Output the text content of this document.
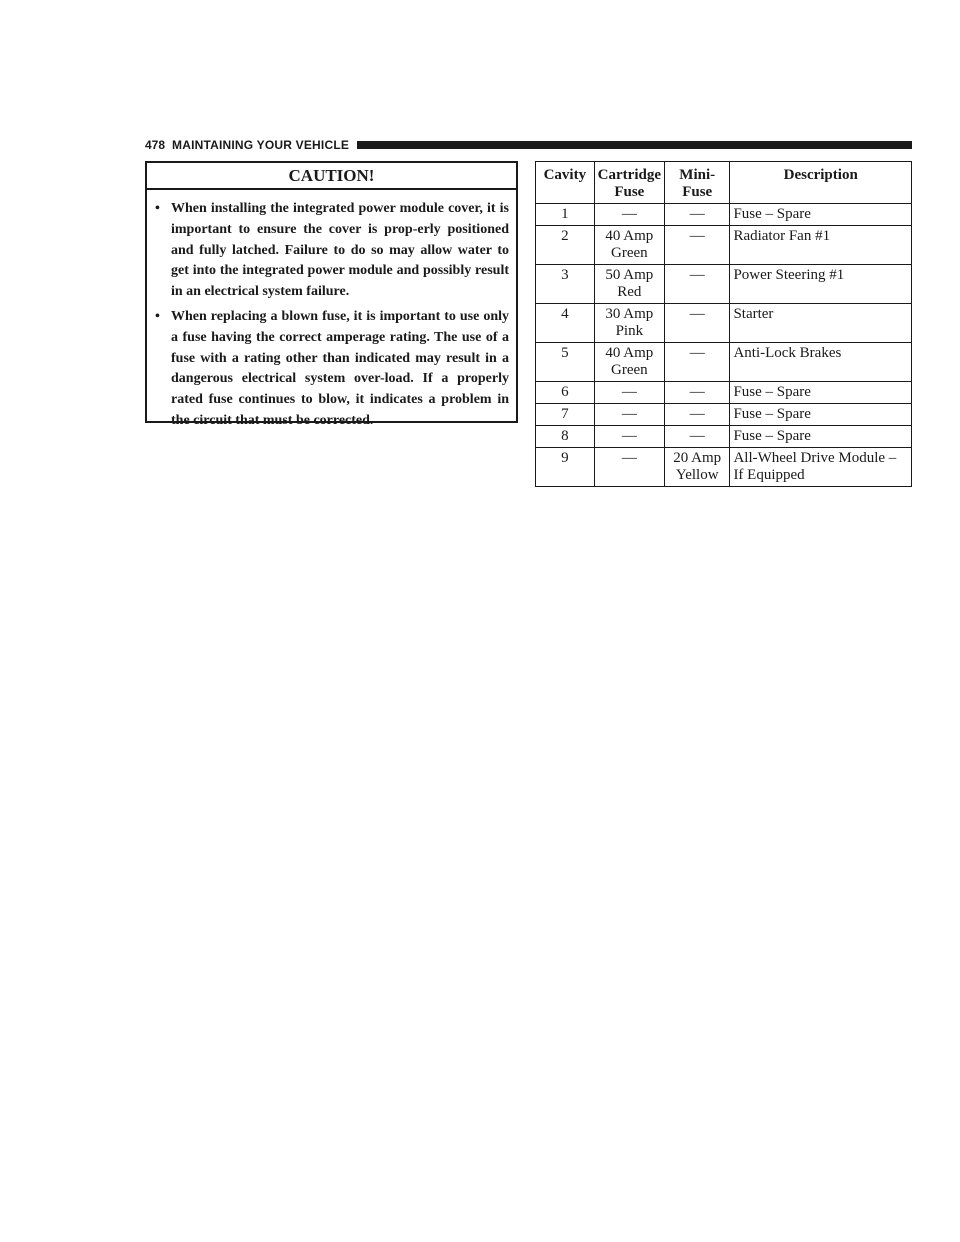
478 MAINTAINING YOUR VEHICLE
CAUTION!
• When installing the integrated power module cover, it is important to ensure the cover is prop-erly positioned and fully latched. Failure to do so may allow water to get into the integrated power module and possibly result in an electrical system failure.
• When replacing a blown fuse, it is important to use only a fuse having the correct amperage rating. The use of a fuse with a rating other than indicated may result in a dangerous electrical system over-load. If a properly rated fuse continues to blow, it indicates a problem in the circuit that must be corrected.
Cavity	Cartridge Fuse	Mini-Fuse	Description
1	—	—	Fuse – Spare
2	40 Amp Green	—	Radiator Fan #1
3	50 Amp Red	—	Power Steering #1
4	30 Amp Pink	—	Starter
5	40 Amp Green	—	Anti-Lock Brakes
6	—	—	Fuse – Spare
7	—	—	Fuse – Spare
8	—	—	Fuse – Spare
9	—	20 Amp Yellow	All-Wheel Drive Module – If Equipped
